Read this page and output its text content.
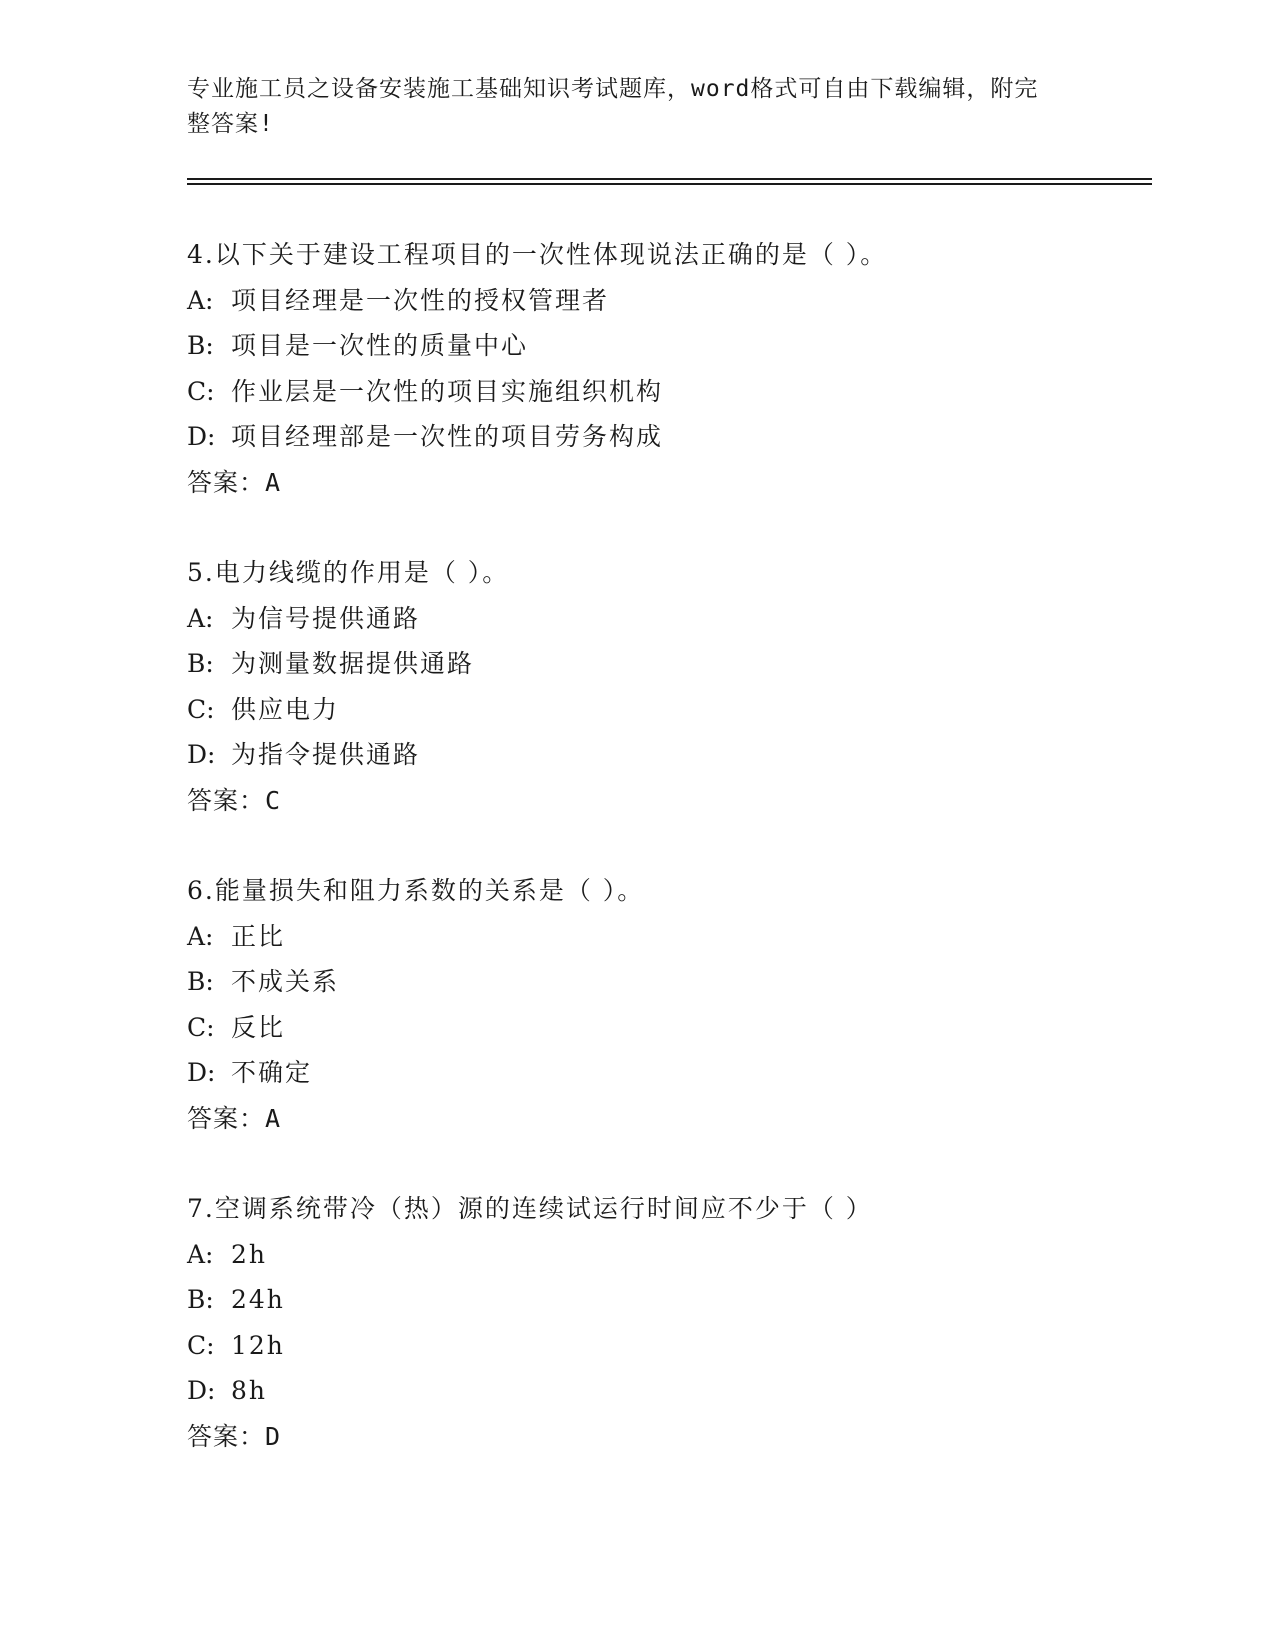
专业施工员之设备安装施工基础知识考试题库，word格式可自由下载编辑，附完
整答案!
4.以下关于建设工程项目的一次性体现说法正确的是（ ）。
A: 项目经理是一次性的授权管理者
B: 项目是一次性的质量中心
C: 作业层是一次性的项目实施组织机构
D: 项目经理部是一次性的项目劳务构成
答案：A
5.电力线缆的作用是（ ）。
A: 为信号提供通路
B: 为测量数据提供通路
C: 供应电力
D: 为指令提供通路
答案：C
6.能量损失和阻力系数的关系是（ ）。
A: 正比
B: 不成关系
C: 反比
D: 不确定
答案：A
7.空调系统带冷（热）源的连续试运行时间应不少于（ ）
A: 2h
B: 24h
C: 12h
D: 8h
答案：D
